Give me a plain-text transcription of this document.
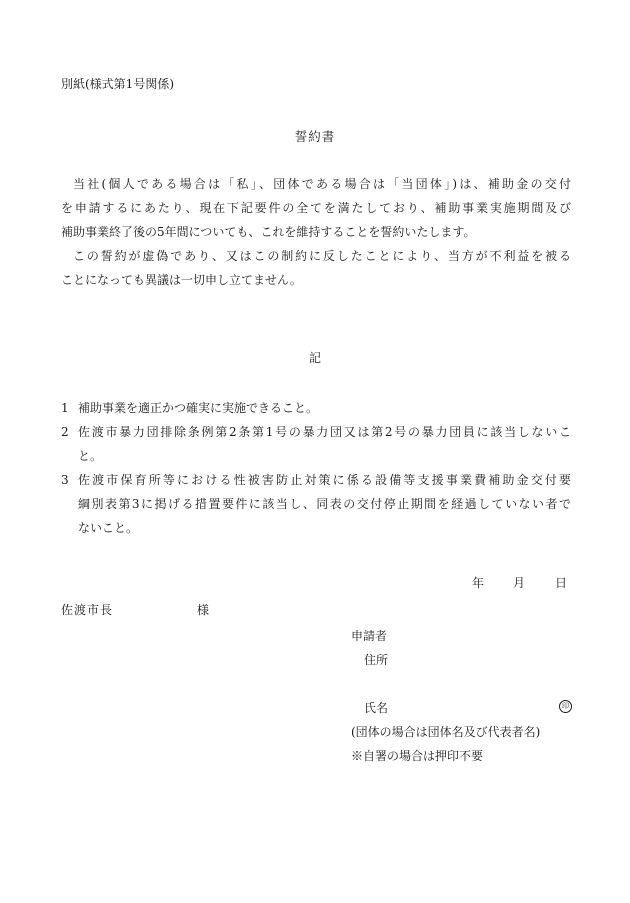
別紙(様式第1号関係)
誓約書
当社(個人である場合は「私」、団体である場合は「当団体」)は、補助金の交付
を申請するにあたり、現在下記要件の全てを満たしており、補助事業実施期間及び
補助事業終了後の5年間についても、これを維持することを誓約いたします。
この誓約が虚偽であり、又はこの制約に反したことにより、当方が不利益を被る
ことになっても異議は一切申し立てません。
記
1 補助事業を適正かつ確実に実施できること。
2 佐渡市暴力団排除条例第2条第1号の暴力団又は第2号の暴力団員に該当しないこ
と。
3 佐渡市保育所等における性被害防止対策に係る設備等支援事業費補助金交付要
綱別表第3に掲げる措置要件に該当し、同表の交付停止期間を経過していない者で
ないこと。
年 月 日
佐渡市長	様
申請者
住所
氏名	印
(団体の場合は団体名及び代表者名)
※自署の場合は押印不要
